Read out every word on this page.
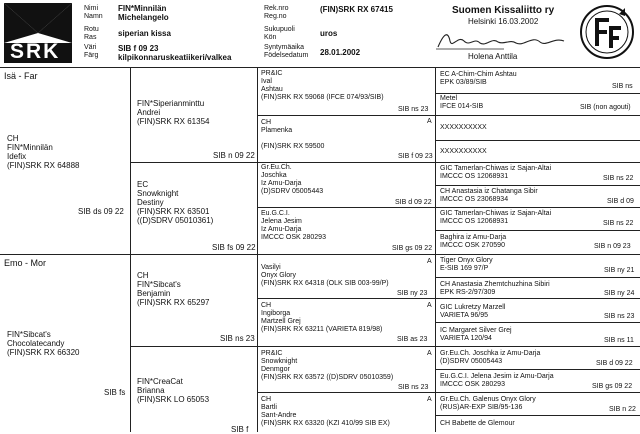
SRK
Nimi
Namn
FIN*Minnilän
Michelangelo
Rotu
Ras	siperian kissa
Väri
Färg
SIB f 09 23
kilpikonnaruskeatiikeri/valkea
Rek.nro
Reg.no
(FIN)SRK RX 67415
Sukupuoli
Kön	uros
Syntymäaika
Födelsedatum 28.01.2002
Suomen Kissaliitto ry
Helsinki 16.03.2002
Holena Anttila
Isä - Far
CH
FIN*Minnilän
Idefix
(FIN)SRK RX 64888
SIB ds 09 22
FIN*Siperianminttu
Andrei
(FIN)SRK RX 61354
SIB n 09 22
EC
Snowknight
Destiny
(FIN)SRK RX 63501
((D)SDRV 05010361)
SIB fs 09 22
PR&IC
Ival
Ashtau
(FIN)SRK RX 59068 (IFCE 074/93/SIB)
SIB ns 23
CH
Plamenka

(FIN)SRK RX 59500
A
SIB f 09 23
Gr.Eu.Ch.
Joschka
Iz Amu-Darja
(D)SDRV 05005443
SIB d 09 22
Eu.G.C.I.
Jelena Jesim
Iz Amu-Darja
IMCCC OSK 280293
SIB gs 09 22
EC A-Chim-Chim Ashtau
EPK 03/89/SIB
SIB ns
Metel
IFCE 014-SIB	SIB (non agouti)
XXXXXXXXXX
XXXXXXXXXX
GIC Tamerlan-Chiwas iz Sajan-Altai
IMCCC OS 12068931	SIB ns 22
CH Anastasia iz Chatanga Sibir
IMCCC OS 23068934	SIB d 09
GIC Tamerlan-Chiwas iz Sajan-Altai
IMCCC OS 12068931	SIB ns 22
Baghira iz Amu-Darja
IMCCC OSK 270590	SIB n 09 23
Emo - Mor
FIN*Sibcat's
Chocolatecandy
(FIN)SRK RX 66320
SIB fs
CH
FIN*Sibcat's
Benjamin
(FIN)SRK RX 65297
SIB ns 23
FIN*CreaCat
Brianna
(FIN)SRK LO 65053
SIB f
Vasilyi
Onyx Glory
(FIN)SRK RX 64318 (OLK SIB 003-99/P)
A
SIB ny 23
CH
Ingiborga
Martzell Grej
(FIN)SRK RX 63211 (VARIETA 819/98)
A
SIB as 23
PR&IC
Snowknight
Denmgor
(FIN)SRK RX 63572 ((D)SDRV 05010359)
A
SIB ns 23
CH
Bartli
Sant-Andre
(FIN)SRK RX 63320 (KZI 410/99 SIB EX)
A
Tiger Onyx Glory
E-SIB 169 97/P	SIB ny 21
CH Anastasia Zhemtchuzhina Sibiri
EPK RS-2/97/309	SIB ny 24
GIC Lukretzy Marzell
VARIETA 96/95	SIB ns 23
IC Margaret Silver Grej
VARIETA 120/94	SIB ns 11
Gr.Eu.Ch. Joschka iz Amu-Darja
(D)SDRV 05005443	SIB d 09 22
Eu.G.C.I. Jelena Jesim iz Amu-Darja
IMCCC OSK 280293	SIB gs 09 22
Gr.Eu.Ch. Galenus Onyx Glory
(RUS)AR-EXP SIB/95-136	SIB n 22
CH Babette de Glemour
